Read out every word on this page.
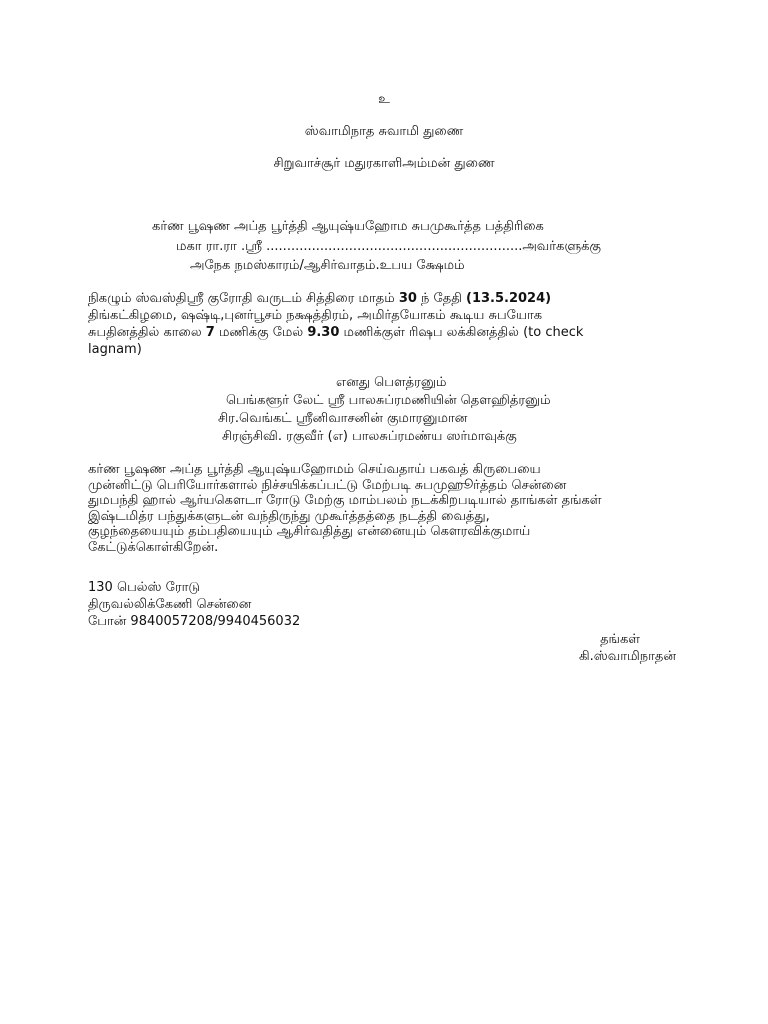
உ
ஸ்வாமிநாத சுவாமி துணை
சிறுவாச்சூர் மதுரகாளிஅம்மன் துணை
கர்ண பூஷண அப்த பூர்த்தி ஆயுஷ்யஹோம சுபமுகூர்த்த பத்திரிகை
மகா ரா.ரா .ஸ்ரீ ..............................................................அவர்களுக்கு
அநேக நமஸ்காரம்/ஆசிர்வாதம்.உபய க்ஷேமம்
நிகழும் ஸ்வஸ்திஸ்ரீ குரோதி வருடம் சித்திரை மாதம் 30 ந் தேதி (13.5.2024)
திங்கட்கிழமை, ஷஷ்டி,புனர்பூசம் நக்ஷத்திரம், அமிர்தயோகம் கூடிய சுபயோக
சுபதினத்தில் காலை 7 மணிக்கு மேல் 9.30 மணிக்குள் ரிஷப லக்கினத்தில் (to check
lagnam)
எனது பௌத்ரனும்
பெங்களூர் லேட் ஸ்ரீ பாலசுப்ரமணியின் தௌஹித்ரனும்
சிர.வெங்கட் ஸ்ரீனிவாசனின் குமாரனுமான
சிரஞ்சிவி. ரகுவீர் (எ) பாலசுப்ரமண்ய ஸர்மாவுக்கு
கர்ண பூஷண அப்த பூர்த்தி ஆயுஷ்யஹோமம் செய்வதாய் பகவத் கிருபையை
முன்னிட்டு பெரியோர்களால் நிச்சயிக்கப்பட்டு மேற்படி சுபமுஹூர்த்தம் சென்னை
துமபந்தி ஹால் ஆர்யகௌடா ரோடு மேற்கு மாம்பலம் நடக்கிறபடியால் தாங்கள் தங்கள்
இஷ்டமித்ர பந்துக்களுடன் வந்திருந்து முகூர்த்தத்தை நடத்தி வைத்து,
குழந்தையையும் தம்பதியையும் ஆசிர்வதித்து என்னையும் கௌரவிக்குமாய்
கேட்டுக்கொள்கிறேன்.
130 பெல்ஸ் ரோடு
திருவல்லிக்கேணி சென்னை
போன் 9840057208/9940456032
தங்கள்
கி.ஸ்வாமிநாதன்
